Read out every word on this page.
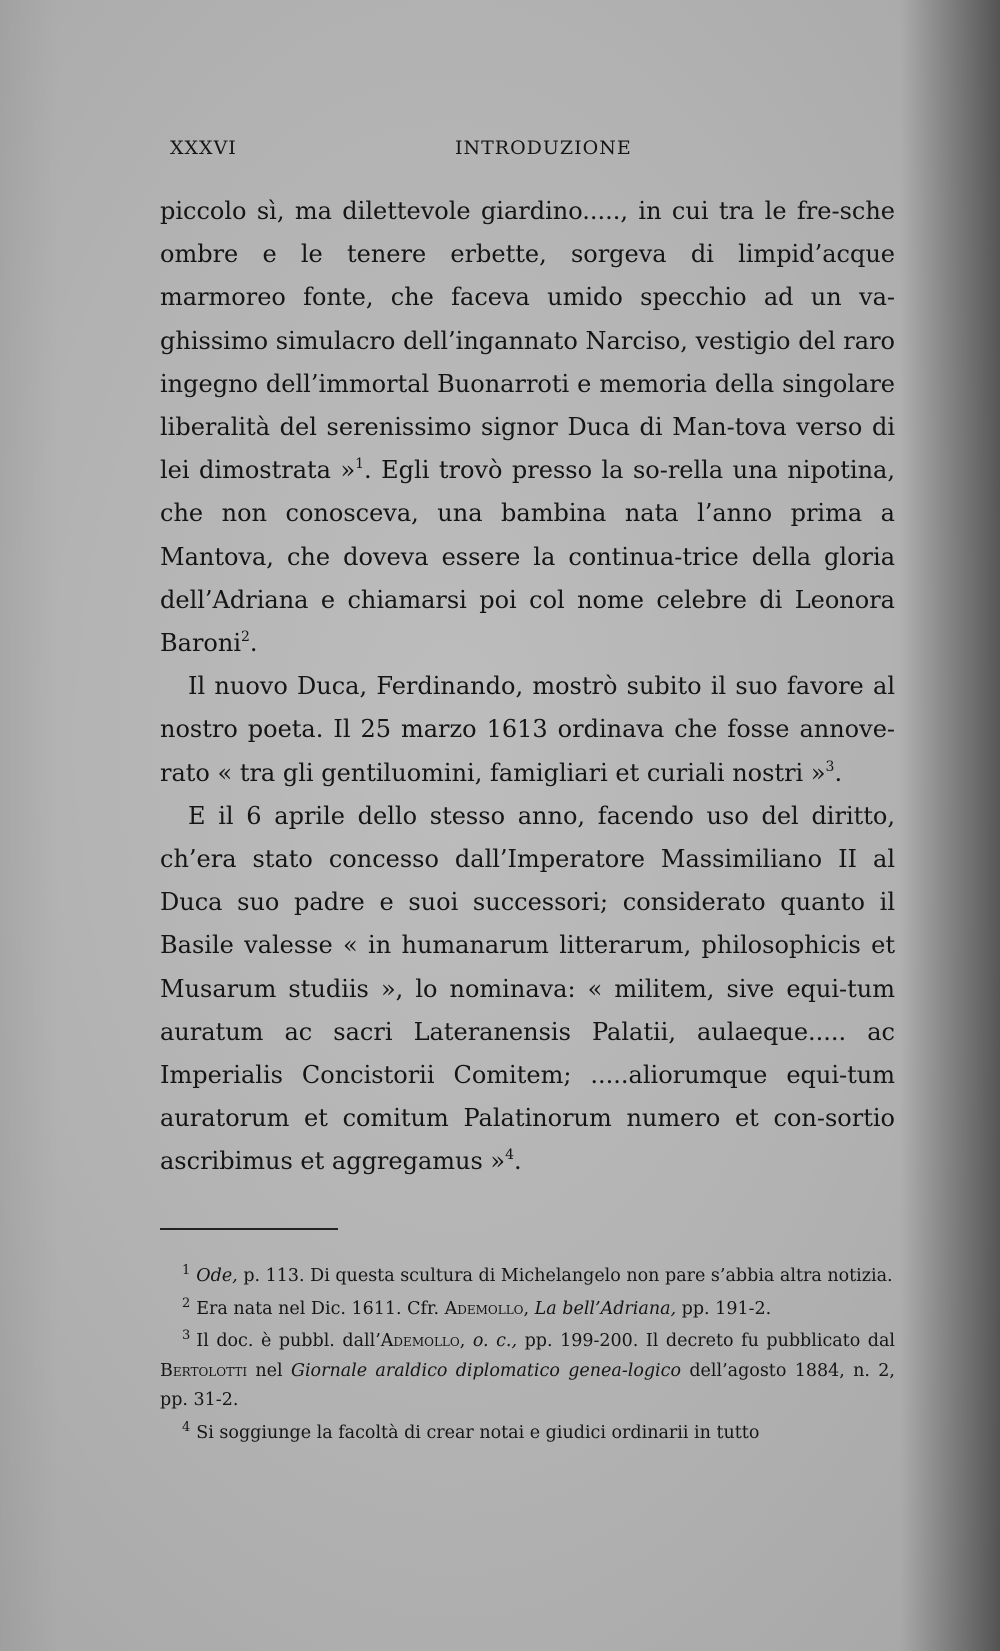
XXXVI	INTRODUZIONE

piccolo sì, ma dilettevole giardino....., in cui tra le fre-sche ombre e le tenere erbette, sorgeva di limpid’acque marmoreo fonte, che faceva umido specchio ad un va-ghissimo simulacro dell’ingannato Narciso, vestigio del raro ingegno dell’immortal Buonarroti e memoria della singolare liberalità del serenissimo signor Duca di Man-tova verso di lei dimostrata »$^1$. Egli trovò presso la so-rella una nipotina, che non conosceva, una bambina nata l’anno prima a Mantova, che doveva essere la continua-trice della gloria dell’Adriana e chiamarsi poi col nome celebre di Leonora Baroni$^2$.

Il nuovo Duca, Ferdinando, mostrò subito il suo favore al nostro poeta. Il 25 marzo 1613 ordinava che fosse annove-rato « tra gli gentiluomini, famigliari et curiali nostri »$^3$.

E il 6 aprile dello stesso anno, facendo uso del diritto, ch’era stato concesso dall’Imperatore Massimiliano II al Duca suo padre e suoi successori; considerato quanto il Basile valesse « in humanarum litterarum, philosophicis et Musarum studiis », lo nominava: « militem, sive equi-tum auratum ac sacri Lateranensis Palatii, aulaeque..... ac Imperialis Concistorii Comitem; .....aliorumque equi-tum auratorum et comitum Palatinorum numero et con-sortio ascribimus et aggregamus »$^4$.

$^1$ Ode, p. 113. Di questa scultura di Michelangelo non pare s’abbia altra notizia.

$^2$ Era nata nel Dic. 1611. Cfr. Ademollo, La bell’Adriana, pp. 191-2.

$^3$ Il doc. è pubbl. dall’Ademollo, o. c., pp. 199-200. Il decreto fu pubblicato dal Bertolotti nel Giornale araldico diplomatico genea-logico dell’agosto 1884, n. 2, pp. 31-2.

$^4$ Si soggiunge la facoltà di crear notai e giudici ordinarii in tutto
